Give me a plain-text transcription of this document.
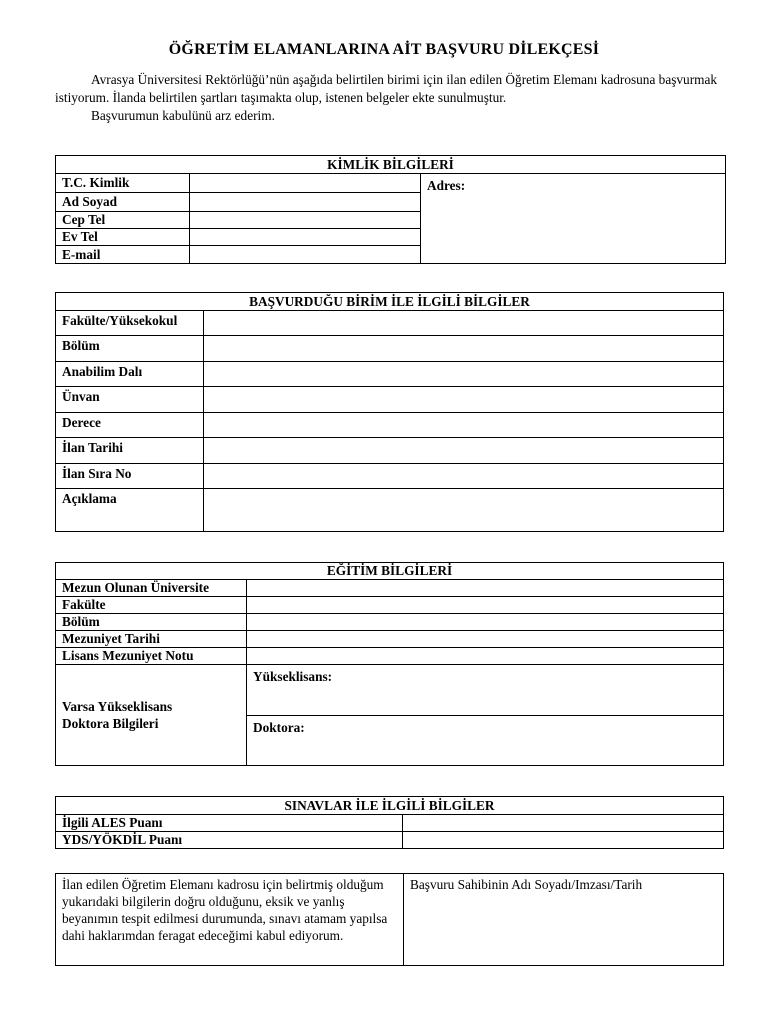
ÖĞRETİM ELAMANLARINA AİT BAŞVURU DİLEKÇESİ

Avrasya Üniversitesi Rektörlüğü’nün aşağıda belirtilen birimi için ilan edilen Öğretim Elemanı kadrosuna başvurmak istiyorum. İlanda belirtilen şartları taşımakta olup, istenen belgeler ekte sunulmuştur.

Başvurumun kabulünü arz ederim.

KİMLİK BİLGİLERİ		
T.C. Kimlik		Adres:
Ad Soyad		
Cep Tel		
Ev Tel		
E-mail		
BAŞVURDUĞU BİRİM İLE İLGİLİ BİLGİLER	
Fakülte/Yüksekokul	
Bölüm	
Anabilim Dalı	
Ünvan	
Derece	
İlan Tarihi	
İlan Sıra No	
Açıklama	
EĞİTİM BİLGİLERİ	
Mezun Olunan Üniversite	
Fakülte	
Bölüm	
Mezuniyet Tarihi	
Lisans Mezuniyet Notu	

Varsa Yükseklisans
Doktora Bilgileri	Yükseklisans:
	Doktora:
SINAVLAR İLE İLGİLİ BİLGİLER	
İlgili ALES Puanı	
YDS/YÖKDİL Puanı	
İlan edilen Öğretim Elemanı kadrosu için belirtmiş olduğum yukarıdaki bilgilerin doğru olduğunu, eksik ve yanlış beyanımın tespit edilmesi durumunda, sınavı atamam yapılsa dahi haklarımdan feragat edeceğimi kabul ediyorum.	Başvuru Sahibinin Adı Soyadı/Imzası/Tarih
